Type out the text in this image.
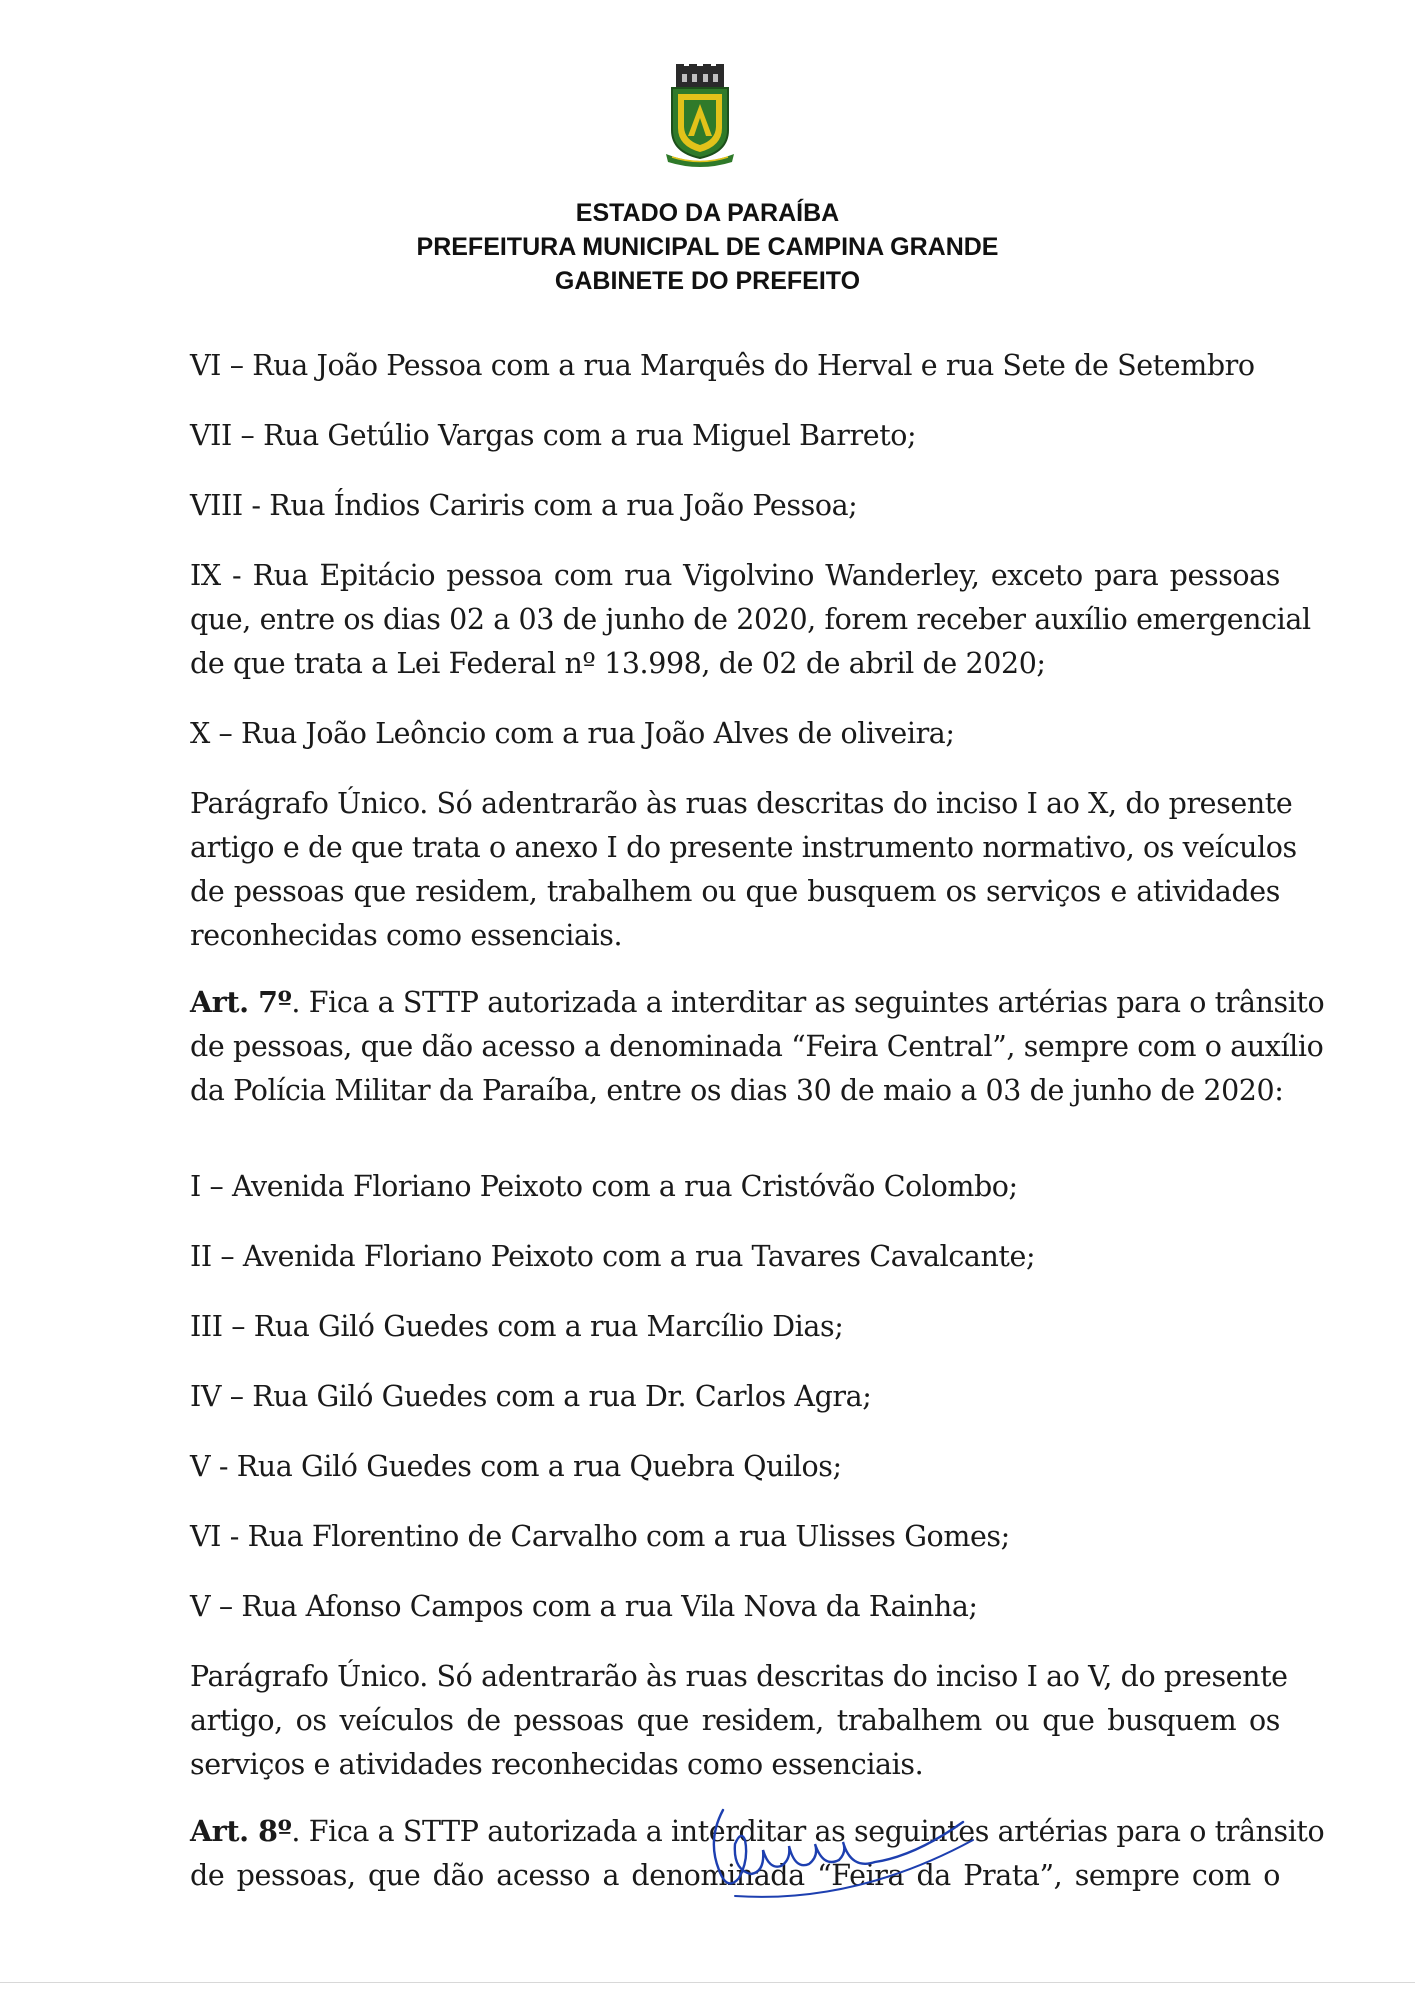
ESTADO DA PARAÍBA
PREFEITURA MUNICIPAL DE CAMPINA GRANDE
GABINETE DO PREFEITO
VI – Rua João Pessoa com a rua Marquês do Herval e rua Sete de Setembro
VII – Rua Getúlio Vargas com a rua Miguel Barreto;
VIII - Rua Índios Cariris com a rua João Pessoa;
IX - Rua Epitácio pessoa com rua Vigolvino Wanderley, exceto para pessoas
que, entre os dias 02 a 03 de junho de 2020, forem receber auxílio emergencial
de que trata a Lei Federal nº 13.998, de 02 de abril de 2020;
X – Rua João Leôncio com a rua João Alves de oliveira;
Parágrafo Único. Só adentrarão às ruas descritas do inciso I ao X, do presente
artigo e de que trata o anexo I do presente instrumento normativo, os veículos
de pessoas que residem, trabalhem ou que busquem os serviços e atividades
reconhecidas como essenciais.
Art. 7º. Fica a STTP autorizada a interditar as seguintes artérias para o trânsito
de pessoas, que dão acesso a denominada “Feira Central”, sempre com o auxílio
da Polícia Militar da Paraíba, entre os dias 30 de maio a 03 de junho de 2020:
I – Avenida Floriano Peixoto com a rua Cristóvão Colombo;
II – Avenida Floriano Peixoto com a rua Tavares Cavalcante;
III – Rua Giló Guedes com a rua Marcílio Dias;
IV – Rua Giló Guedes com a rua Dr. Carlos Agra;
V - Rua Giló Guedes com a rua Quebra Quilos;
VI - Rua Florentino de Carvalho com a rua Ulisses Gomes;
V – Rua Afonso Campos com a rua Vila Nova da Rainha;
Parágrafo Único. Só adentrarão às ruas descritas do inciso I ao V, do presente
artigo, os veículos de pessoas que residem, trabalhem ou que busquem os
serviços e atividades reconhecidas como essenciais.
Art. 8º. Fica a STTP autorizada a interditar as seguintes artérias para o trânsito
de pessoas, que dão acesso a denominada “Feira da Prata”, sempre com o
